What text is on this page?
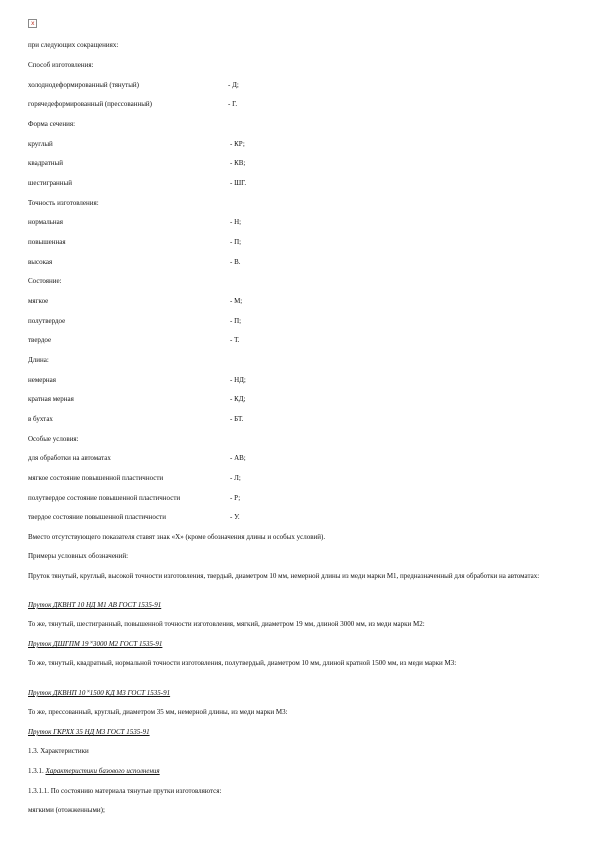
x
при следующих сокращениях:
Способ изготовления:
холоднодеформированный (тянутый)	- Д;
горячедеформированный (прессованный)	- Г.
Форма сечения:
круглый	- КР;
квадратный	- КВ;
шестигранный	- ШГ.
Точность изготовления:
нормальная	- Н;
повышенная	- П;
высокая	- В.
Состояние:
мягкое	- М;
полутвердое	- П;
твердое	- Т.
Длина:
немерная	- НД;
кратная мерная	- КД;
в бухтах	- БТ.
Особые условия:
для обработки на автоматах	- АВ;
мягкое состояние повышенной пластичности	- Л;
полутвердое состояние повышенной пластичности	- Р;
твердое состояние повышенной пластичности	- У.
Вместо отсутствующего показателя ставят знак «Х» (кроме обозначения длины и особых условий).
Примеры условных обозначений:
Пруток тянутый, круглый, высокой точности изготовления, твердый, диаметром 10 мм, немерной длины из меди марки М1, предназначенный для обработки на автоматах:
Пруток ДКВНТ 10 НД М1 АВ ГОСТ 1535-91
То же, тянутый, шестигранный, повышенной точности изготовления, мягкий, диаметром 19 мм, длиной 3000 мм, из меди марки М2:
Пруток ДШГПМ 19 ˟3000 М2 ГОСТ 1535-91
То же, тянутый, квадратный, нормальной точности изготовления, полутвердый, диаметром 10 мм, длиной кратной 1500 мм, из меди марки М3:
Пруток ДКВНП 10 ˟1500 КД М3 ГОСТ 1535-91
То же, прессованный, круглый, диаметром 35 мм, немерной длины, из меди марки М3:
Пруток ГКРХХ 35 НД М3 ГОСТ 1535-91
1.3. Характеристики
1.3.1. Характеристики базового исполнения
1.3.1.1. По состоянию материала тянутые прутки изготовляются:
мягкими (отожженными);
